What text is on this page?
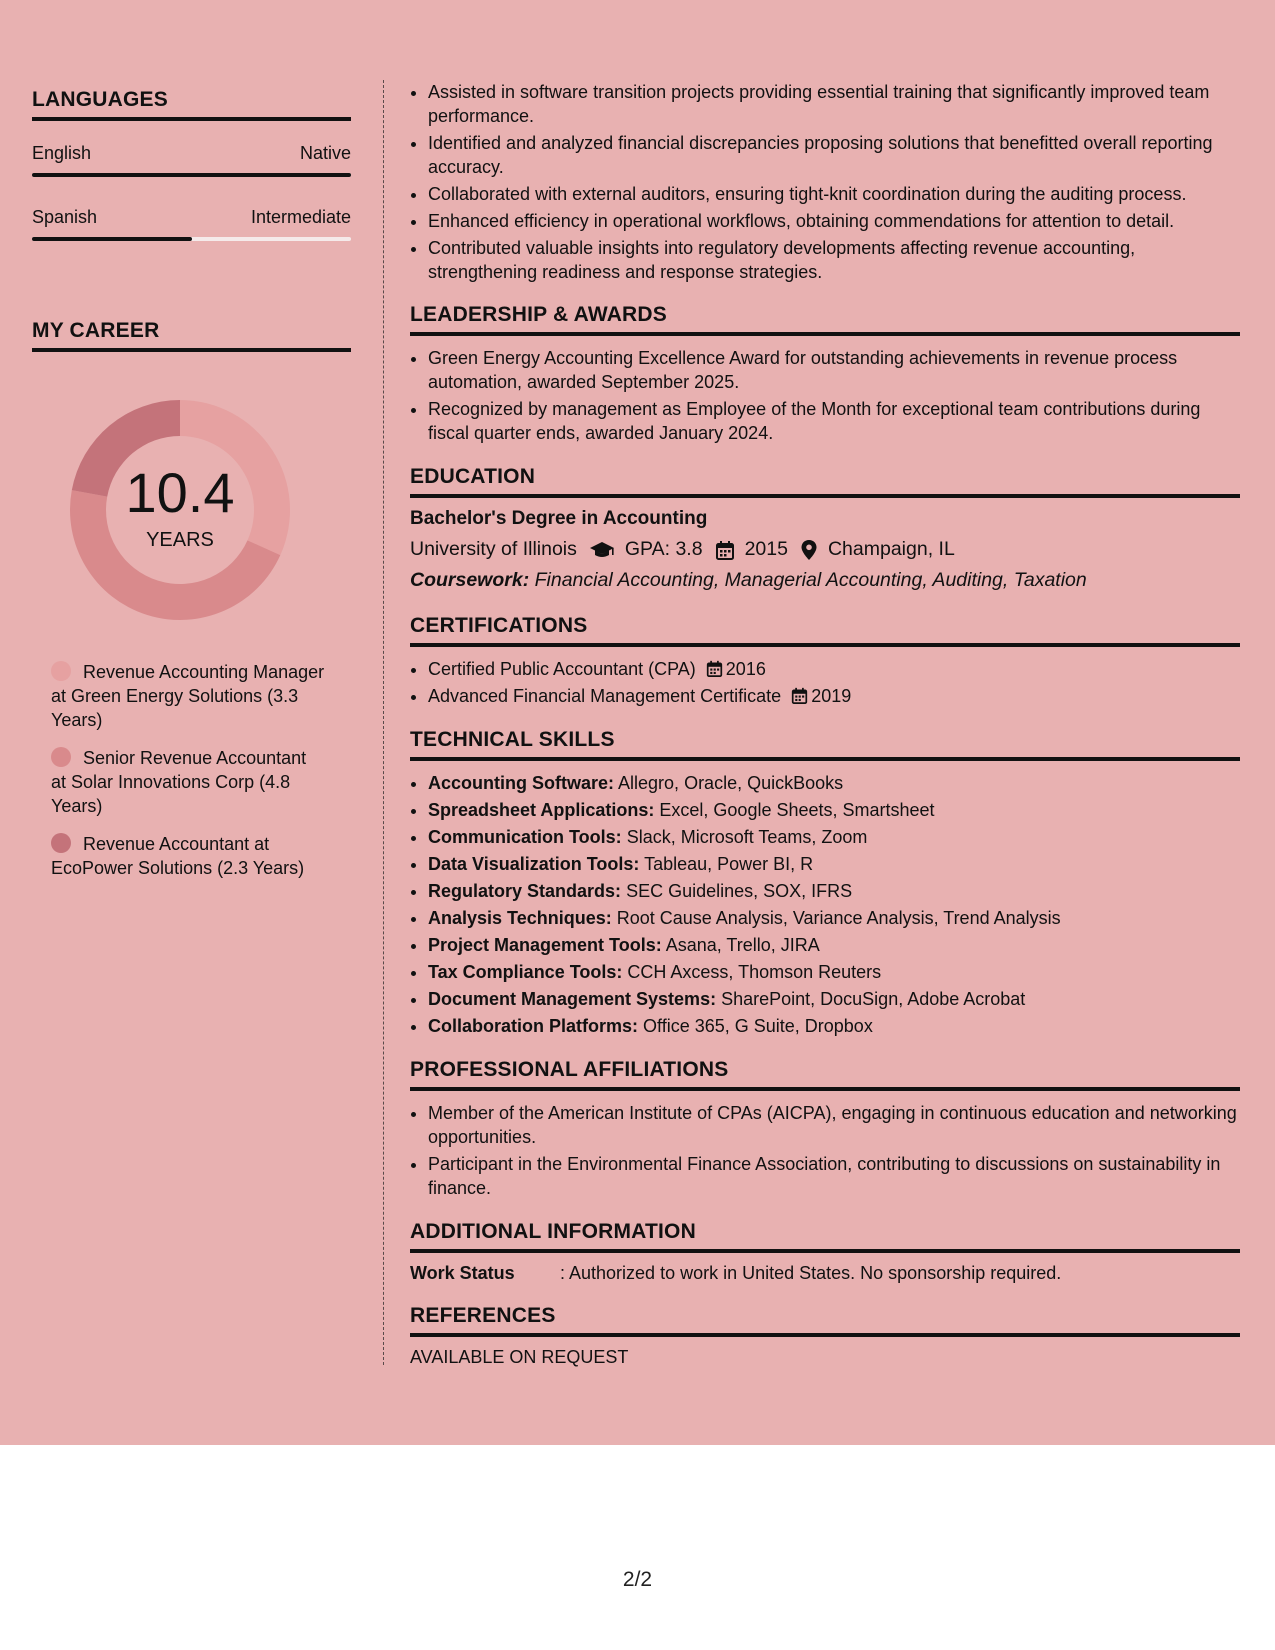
LANGUAGES
English	Native
Spanish	Intermediate
MY CAREER
10.4
YEARS
Revenue Accounting Manager at Green Energy Solutions (3.3 Years)
Senior Revenue Accountant at Solar Innovations Corp (4.8 Years)
Revenue Accountant at EcoPower Solutions (2.3 Years)
• Assisted in software transition projects providing essential training that significantly improved team performance.
• Identified and analyzed financial discrepancies proposing solutions that benefitted overall reporting accuracy.
• Collaborated with external auditors, ensuring tight-knit coordination during the auditing process.
• Enhanced efficiency in operational workflows, obtaining commendations for attention to detail.
• Contributed valuable insights into regulatory developments affecting revenue accounting, strengthening readiness and response strategies.
LEADERSHIP & AWARDS
• Green Energy Accounting Excellence Award for outstanding achievements in revenue process automation, awarded September 2025.
• Recognized by management as Employee of the Month for exceptional team contributions during fiscal quarter ends, awarded January 2024.
EDUCATION
Bachelor's Degree in Accounting
University of Illinois GPA: 3.8 2015 Champaign, IL
Coursework: Financial Accounting, Managerial Accounting, Auditing, Taxation
CERTIFICATIONS
• Certified Public Accountant (CPA) 2016
• Advanced Financial Management Certificate 2019
TECHNICAL SKILLS
• Accounting Software: Allegro, Oracle, QuickBooks
• Spreadsheet Applications: Excel, Google Sheets, Smartsheet
• Communication Tools: Slack, Microsoft Teams, Zoom
• Data Visualization Tools: Tableau, Power BI, R
• Regulatory Standards: SEC Guidelines, SOX, IFRS
• Analysis Techniques: Root Cause Analysis, Variance Analysis, Trend Analysis
• Project Management Tools: Asana, Trello, JIRA
• Tax Compliance Tools: CCH Axcess, Thomson Reuters
• Document Management Systems: SharePoint, DocuSign, Adobe Acrobat
• Collaboration Platforms: Office 365, G Suite, Dropbox
PROFESSIONAL AFFILIATIONS
• Member of the American Institute of CPAs (AICPA), engaging in continuous education and networking opportunities.
• Participant in the Environmental Finance Association, contributing to discussions on sustainability in finance.
ADDITIONAL INFORMATION
Work Status	: Authorized to work in United States. No sponsorship required.
REFERENCES
AVAILABLE ON REQUEST
2/2
